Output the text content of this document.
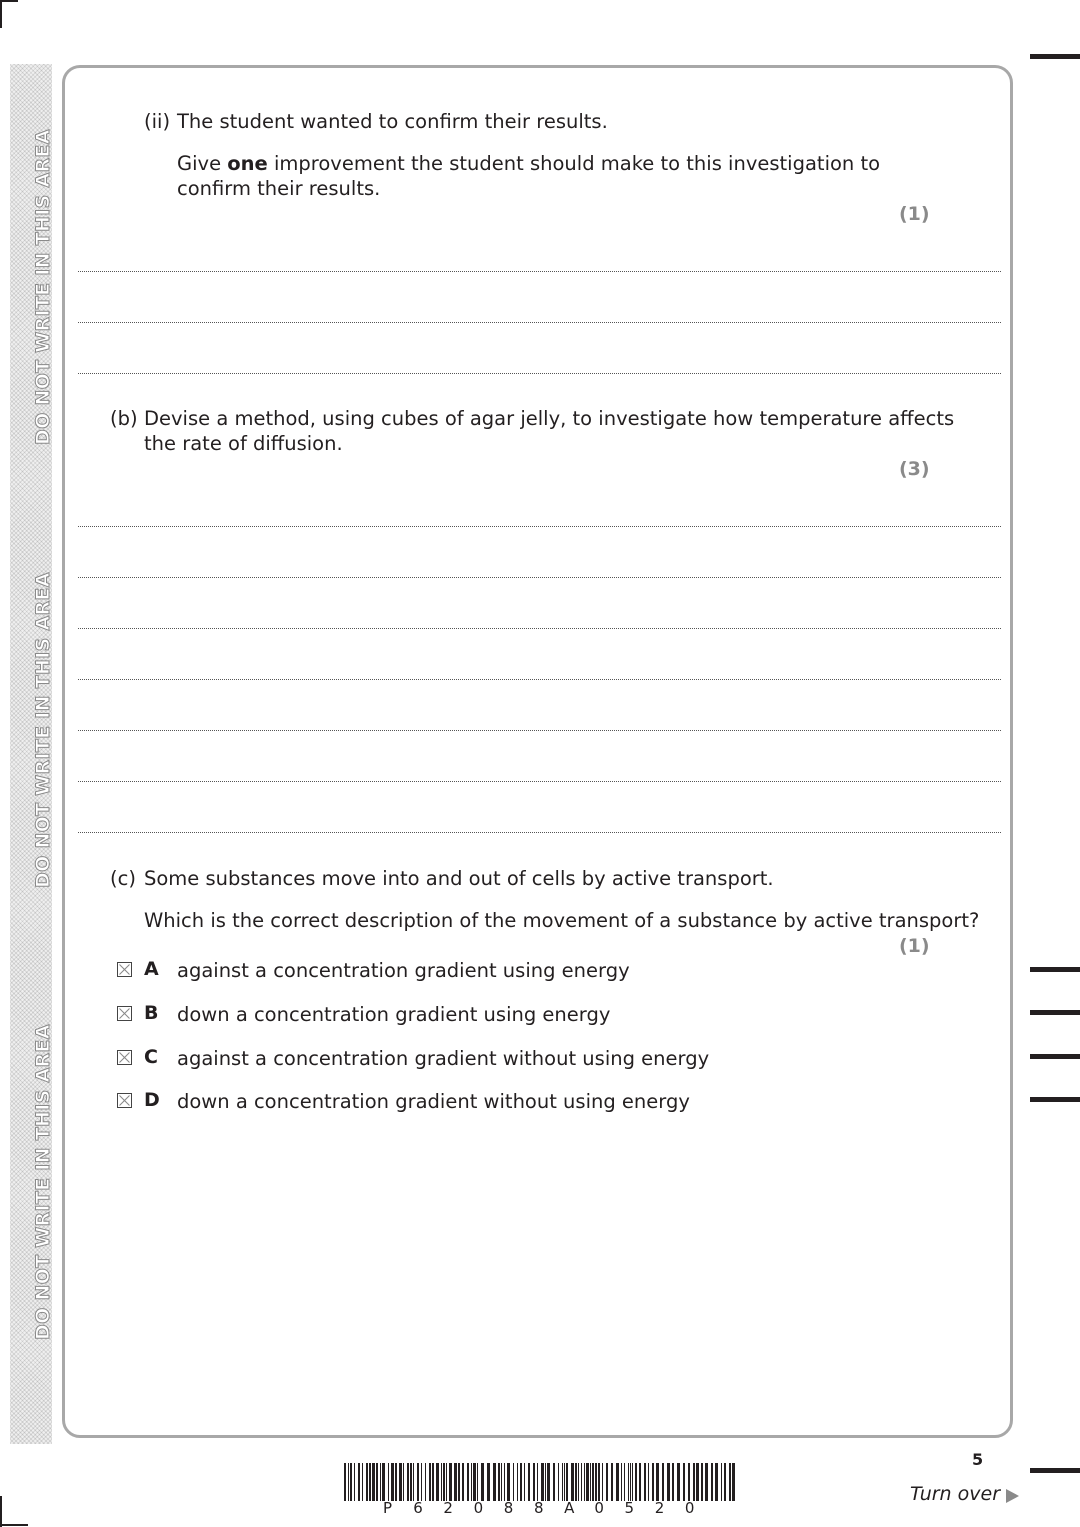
DO NOT WRITE IN THIS AREA
DO NOT WRITE IN THIS AREA
DO NOT WRITE IN THIS AREA
(ii) The student wanted to confirm their results.
Give one improvement the student should make to this investigation to
confirm their results.
(1)
(b) Devise a method, using cubes of agar jelly, to investigate how temperature affects
the rate of diffusion.
(3)
(c) Some substances move into and out of cells by active transport.
Which is the correct description of the movement of a substance by active transport?
(1)
A against a concentration gradient using energy
B down a concentration gradient using energy
C against a concentration gradient without using energy
D down a concentration gradient without using energy
P 6 2 0 8 8 A 0 5 2 0
5
Turn over
